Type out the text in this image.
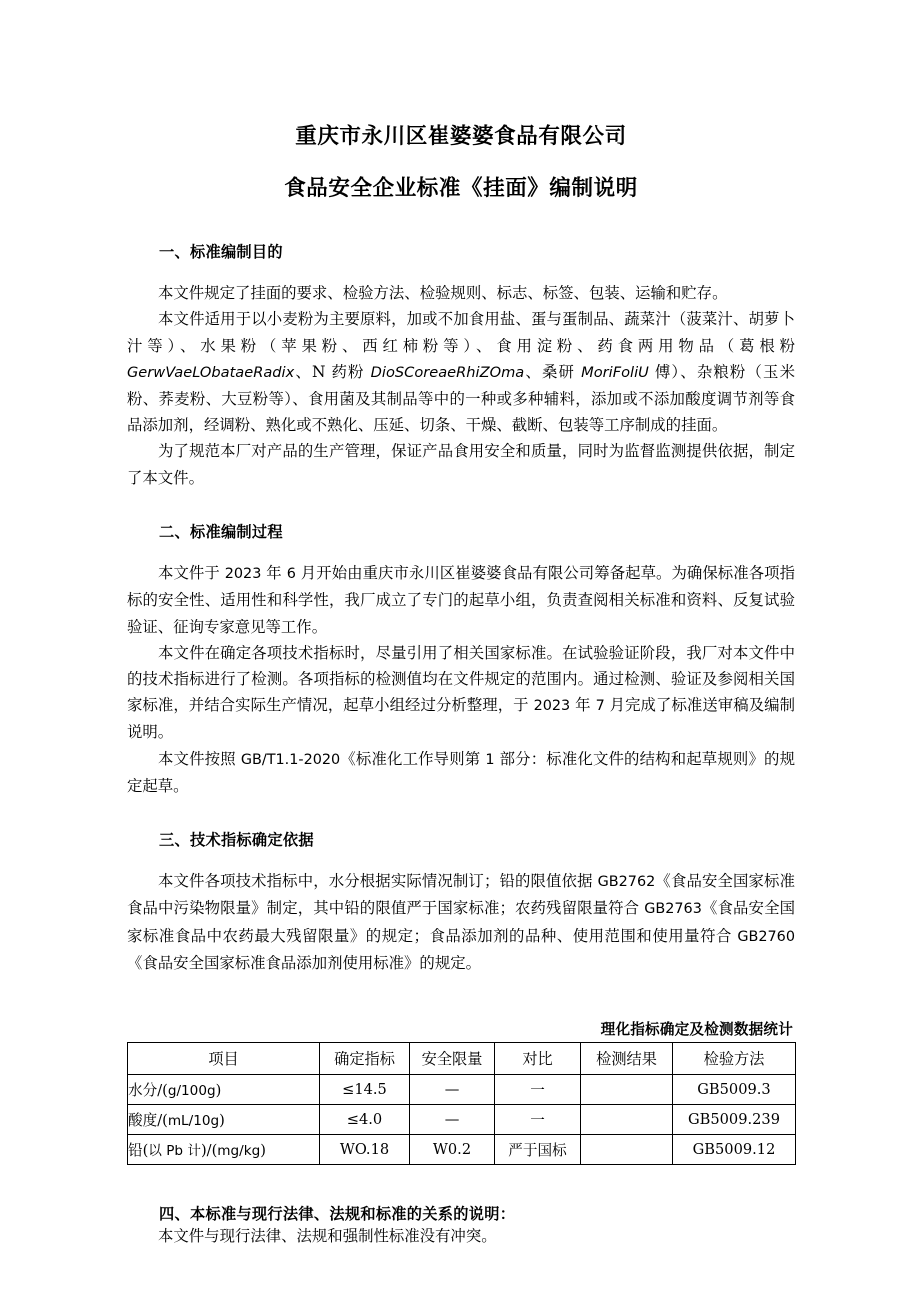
重庆市永川区崔婆婆食品有限公司
食品安全企业标准《挂面》编制说明
一、标准编制目的

本文件规定了挂面的要求、检验方法、检验规则、标志、标签、包装、运输和贮存。

本文件适用于以小麦粉为主要原料，加或不加食用盐、蛋与蛋制品、蔬菜汁（菠菜汁、胡萝卜汁等）、水果粉（苹果粉、西红柿粉等）、食用淀粉、药食两用物品（葛根粉 GerwVaeLObataeRadix、N 药粉 DioSCoreaeRhiZOma、桑研 MoriFoliU 傅）、杂粮粉（玉米粉、荞麦粉、大豆粉等）、食用菌及其制品等中的一种或多种辅料，添加或不添加酸度调节剂等食品添加剂，经调粉、熟化或不熟化、压延、切条、干燥、截断、包装等工序制成的挂面。

为了规范本厂对产品的生产管理，保证产品食用安全和质量，同时为监督监测提供依据，制定了本文件。

二、标准编制过程

本文件于 2023 年 6 月开始由重庆市永川区崔婆婆食品有限公司筹备起草。为确保标准各项指标的安全性、适用性和科学性，我厂成立了专门的起草小组，负责查阅相关标准和资料、反复试验验证、征询专家意见等工作。

本文件在确定各项技术指标时，尽量引用了相关国家标准。在试验验证阶段，我厂对本文件中的技术指标进行了检测。各项指标的检测值均在文件规定的范围内。通过检测、验证及参阅相关国家标准，并结合实际生产情况，起草小组经过分析整理，于 2023 年 7 月完成了标准送审稿及编制说明。

本文件按照 GB/T1.1-2020《标准化工作导则第 1 部分：标准化文件的结构和起草规则》的规定起草。

三、技术指标确定依据

本文件各项技术指标中，水分根据实际情况制订；铅的限值依据 GB2762《食品安全国家标准食品中污染物限量》制定，其中铅的限值严于国家标准；农药残留限量符合 GB2763《食品安全国家标准食品中农药最大残留限量》的规定；食品添加剂的品种、使用范围和使用量符合 GB2760《食品安全国家标准食品添加剂使用标准》的规定。

理化指标确定及检测数据统计
项目	确定指标	安全限量	对比	检测结果	检验方法
水分/(g/100g)	≤14.5	—	一		GB5009.3
酸度/(mL/10g)	≤4.0	—	一		GB5009.239
铅(以 Pb 计)/(mg/kg)	WO.18	W0.2	严于国标		GB5009.12
四、本标准与现行法律、法规和标准的关系的说明：

本文件与现行法律、法规和强制性标准没有冲突。
